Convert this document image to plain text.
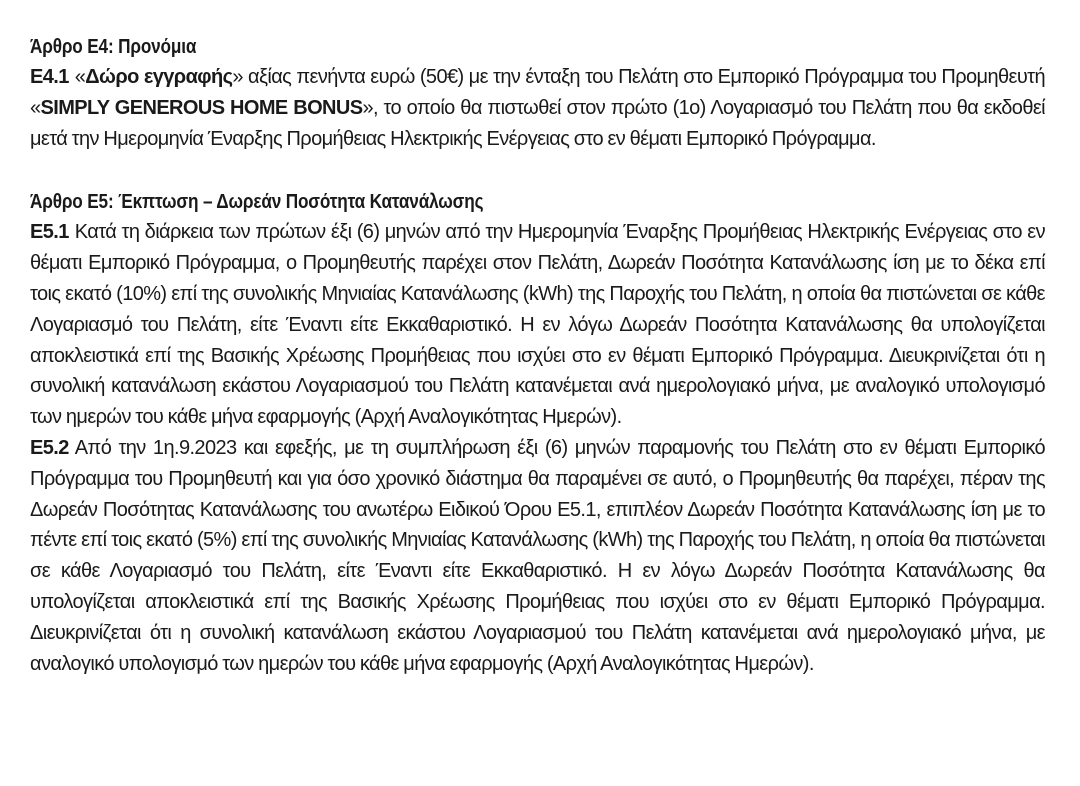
Άρθρο Ε4: Προνόμια

Ε4.1 «Δώρο εγγραφής» αξίας πενήντα ευρώ (50€) με την ένταξη του Πελάτη στο Εμπορικό Πρόγραμμα του Προμηθευτή «SIMPLY GENEROUS HOME BONUS», το οποίο θα πιστωθεί στον πρώτο (1ο) Λογαριασμό του Πελάτη που θα εκδοθεί μετά την Ημερομηνία Έναρξης Προμήθειας Ηλεκτρικής Ενέργειας στο εν θέματι Εμπορικό Πρόγραμμα.

Άρθρο Ε5: Έκπτωση – Δωρεάν Ποσότητα Κατανάλωσης

Ε5.1 Κατά τη διάρκεια των πρώτων έξι (6) μηνών από την Ημερομηνία Έναρξης Προμήθειας Ηλεκτρικής Ενέργειας στο εν θέματι Εμπορικό Πρόγραμμα, ο Προμηθευτής παρέχει στον Πελάτη, Δωρεάν Ποσότητα Κατανάλωσης ίση με το δέκα επί τοις εκατό (10%) επί της συνολικής Μηνιαίας Κατανάλωσης (kWh) της Παροχής του Πελάτη, η οποία θα πιστώνεται σε κάθε Λογαριασμό του Πελάτη, είτε Έναντι είτε Εκκαθαριστικό. Η εν λόγω Δωρεάν Ποσότητα Κατανάλωσης θα υπολογίζεται αποκλειστικά επί της Βασικής Χρέωσης Προμήθειας που ισχύει στο εν θέματι Εμπορικό Πρόγραμμα. Διευκρινίζεται ότι η συνολική κατανάλωση εκάστου Λογαριασμού του Πελάτη κατανέμεται ανά ημερολογιακό μήνα, με αναλογικό υπολογισμό των ημερών του κάθε μήνα εφαρμογής (Αρχή Αναλογικότητας Ημερών).

Ε5.2 Από την 1η.9.2023 και εφεξής, με τη συμπλήρωση έξι (6) μηνών παραμονής του Πελάτη στο εν θέματι Εμπορικό Πρόγραμμα του Προμηθευτή και για όσο χρονικό διάστημα θα παραμένει σε αυτό, ο Προμηθευτής θα παρέχει, πέραν της Δωρεάν Ποσότητας Κατανάλωσης του ανωτέρω Ειδικού Όρου Ε5.1, επιπλέον Δωρεάν Ποσότητα Κατανάλωσης ίση με το πέντε επί τοις εκατό (5%) επί της συνολικής Μηνιαίας Κατανάλωσης (kWh) της Παροχής του Πελάτη, η οποία θα πιστώνεται σε κάθε Λογαριασμό του Πελάτη, είτε Έναντι είτε Εκκαθαριστικό. Η εν λόγω Δωρεάν Ποσότητα Κατανάλωσης θα υπολογίζεται αποκλειστικά επί της Βασικής Χρέωσης Προμήθειας που ισχύει στο εν θέματι Εμπορικό Πρόγραμμα. Διευκρινίζεται ότι η συνολική κατανάλωση εκάστου Λογαριασμού του Πελάτη κατανέμεται ανά ημερολογιακό μήνα, με αναλογικό υπολογισμό των ημερών του κάθε μήνα εφαρμογής (Αρχή Αναλογικότητας Ημερών).
